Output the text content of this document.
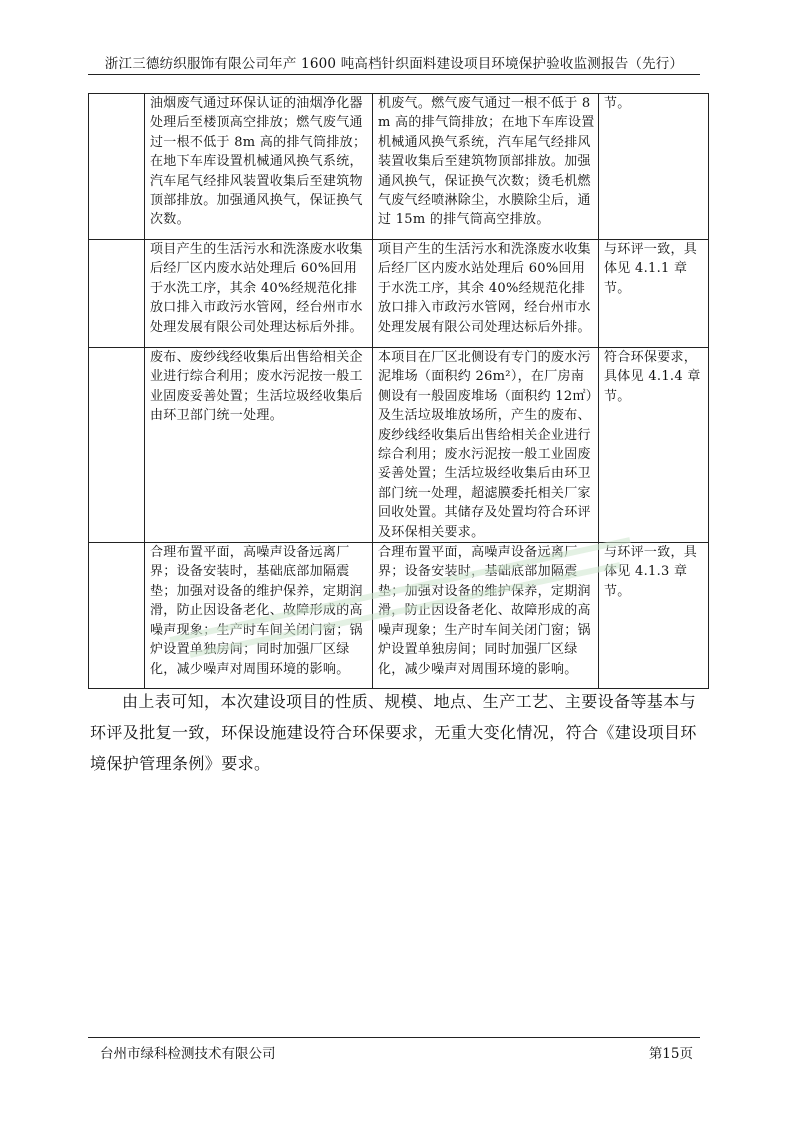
浙江三德纺织服饰有限公司年产 1600 吨高档针织面料建设项目环境保护验收监测报告（先行）
	油烟废气通过环保认证的油烟净化器处理后至楼顶高空排放；燃气废气通过一根不低于 8m 高的排气筒排放；在地下车库设置机械通风换气系统，汽车尾气经排风装置收集后至建筑物顶部排放。加强通风换气，保证换气次数。	机废气。燃气废气通过一根不低于 8m 高的排气筒排放；在地下车库设置机械通风换气系统，汽车尾气经排风装置收集后至建筑物顶部排放。加强通风换气，保证换气次数；烫毛机燃气废气经喷淋除尘，水膜除尘后，通过 15m 的排气筒高空排放。	节。
	项目产生的生活污水和洗涤废水收集后经厂区内废水站处理后 60%回用于水洗工序，其余 40%经规范化排放口排入市政污水管网，经台州市水处理发展有限公司处理达标后外排。	项目产生的生活污水和洗涤废水收集后经厂区内废水站处理后 60%回用于水洗工序，其余 40%经规范化排放口排入市政污水管网，经台州市水处理发展有限公司处理达标后外排。	与环评一致，具体见 4.1.1 章节。
	废布、废纱线经收集后出售给相关企业进行综合利用；废水污泥按一般工业固废妥善处置；生活垃圾经收集后由环卫部门统一处理。	本项目在厂区北侧设有专门的废水污泥堆场（面积约 26m²），在厂房南侧设有一般固废堆场（面积约 12㎡）及生活垃圾堆放场所，产生的废布、废纱线经收集后出售给相关企业进行综合利用；废水污泥按一般工业固废妥善处置；生活垃圾经收集后由环卫部门统一处理，超滤膜委托相关厂家回收处置。其储存及处置均符合环评及环保相关要求。	符合环保要求，具体见 4.1.4 章节。
	合理布置平面，高噪声设备远离厂界；设备安装时，基础底部加隔震垫；加强对设备的维护保养，定期润滑，防止因设备老化、故障形成的高噪声现象；生产时车间关闭门窗；锅炉设置单独房间；同时加强厂区绿化，减少噪声对周围环境的影响。	合理布置平面，高噪声设备远离厂界；设备安装时，基础底部加隔震垫；加强对设备的维护保养，定期润滑，防止因设备老化、故障形成的高噪声现象；生产时车间关闭门窗；锅炉设置单独房间；同时加强厂区绿化，减少噪声对周围环境的影响。	与环评一致，具体见 4.1.3 章节。
由上表可知，本次建设项目的性质、规模、地点、生产工艺、主要设备等基本与环评及批复一致，环保设施建设符合环保要求，无重大变化情况，符合《建设项目环境保护管理条例》要求。
台州市绿科检测技术有限公司	第15页
